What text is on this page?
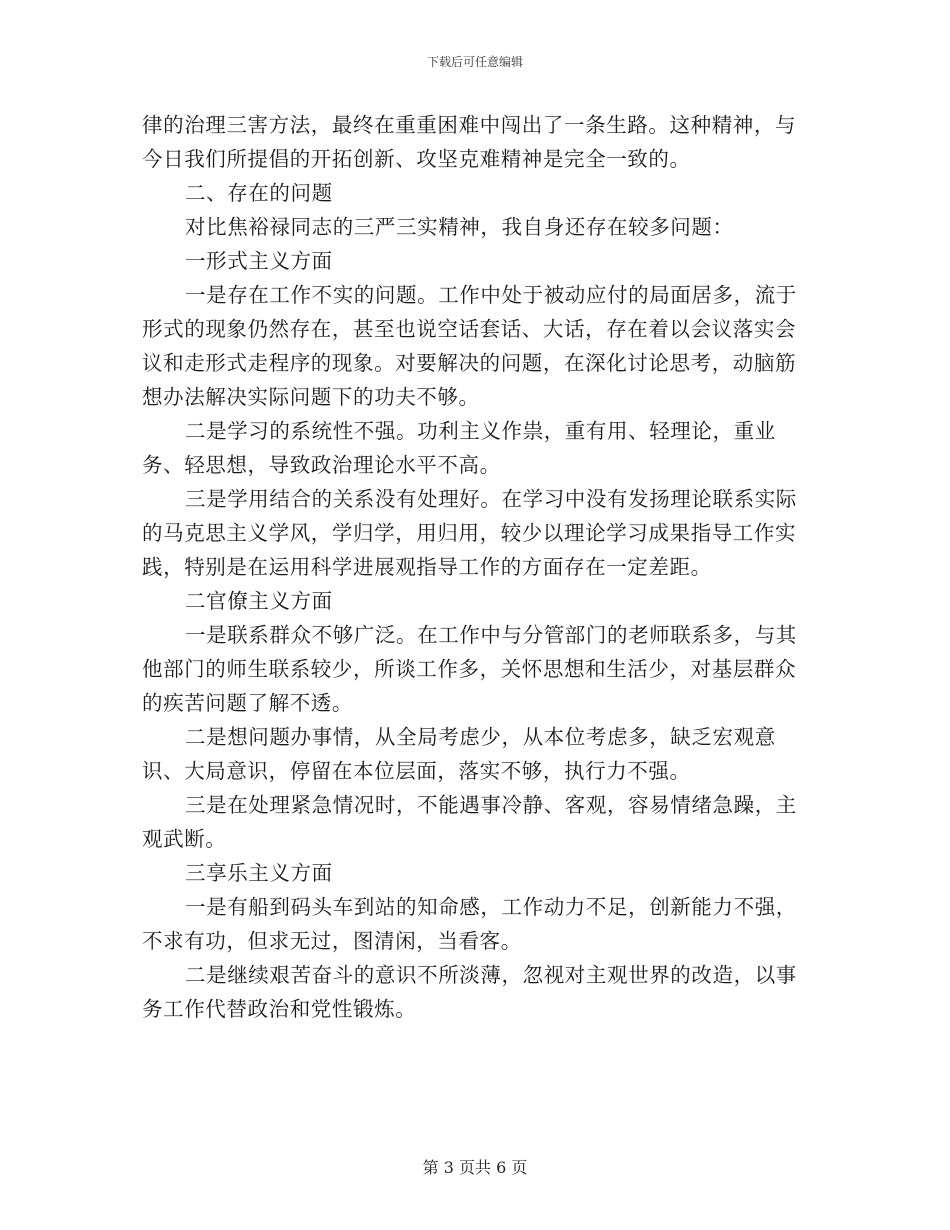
下载后可任意编辑

律的治理三害方法，最终在重重困难中闯出了一条生路。这种精神，与今日我们所提倡的开拓创新、攻坚克难精神是完全一致的。

二、存在的问题

对比焦裕禄同志的三严三实精神，我自身还存在较多问题：

一形式主义方面

一是存在工作不实的问题。工作中处于被动应付的局面居多，流于形式的现象仍然存在，甚至也说空话套话、大话，存在着以会议落实会议和走形式走程序的现象。对要解决的问题，在深化讨论思考，动脑筋想办法解决实际问题下的功夫不够。

二是学习的系统性不强。功利主义作祟，重有用、轻理论，重业务、轻思想，导致政治理论水平不高。

三是学用结合的关系没有处理好。在学习中没有发扬理论联系实际的马克思主义学风，学归学，用归用，较少以理论学习成果指导工作实践，特别是在运用科学进展观指导工作的方面存在一定差距。

二官僚主义方面

一是联系群众不够广泛。在工作中与分管部门的老师联系多，与其他部门的师生联系较少，所谈工作多，关怀思想和生活少，对基层群众的疾苦问题了解不透。

二是想问题办事情，从全局考虑少，从本位考虑多，缺乏宏观意识、大局意识，停留在本位层面，落实不够，执行力不强。

三是在处理紧急情况时，不能遇事冷静、客观，容易情绪急躁，主观武断。

三享乐主义方面

一是有船到码头车到站的知命感，工作动力不足，创新能力不强，不求有功，但求无过，图清闲，当看客。

二是继续艰苦奋斗的意识不所淡薄，忽视对主观世界的改造，以事务工作代替政治和党性锻炼。

第 3 页共 6 页
